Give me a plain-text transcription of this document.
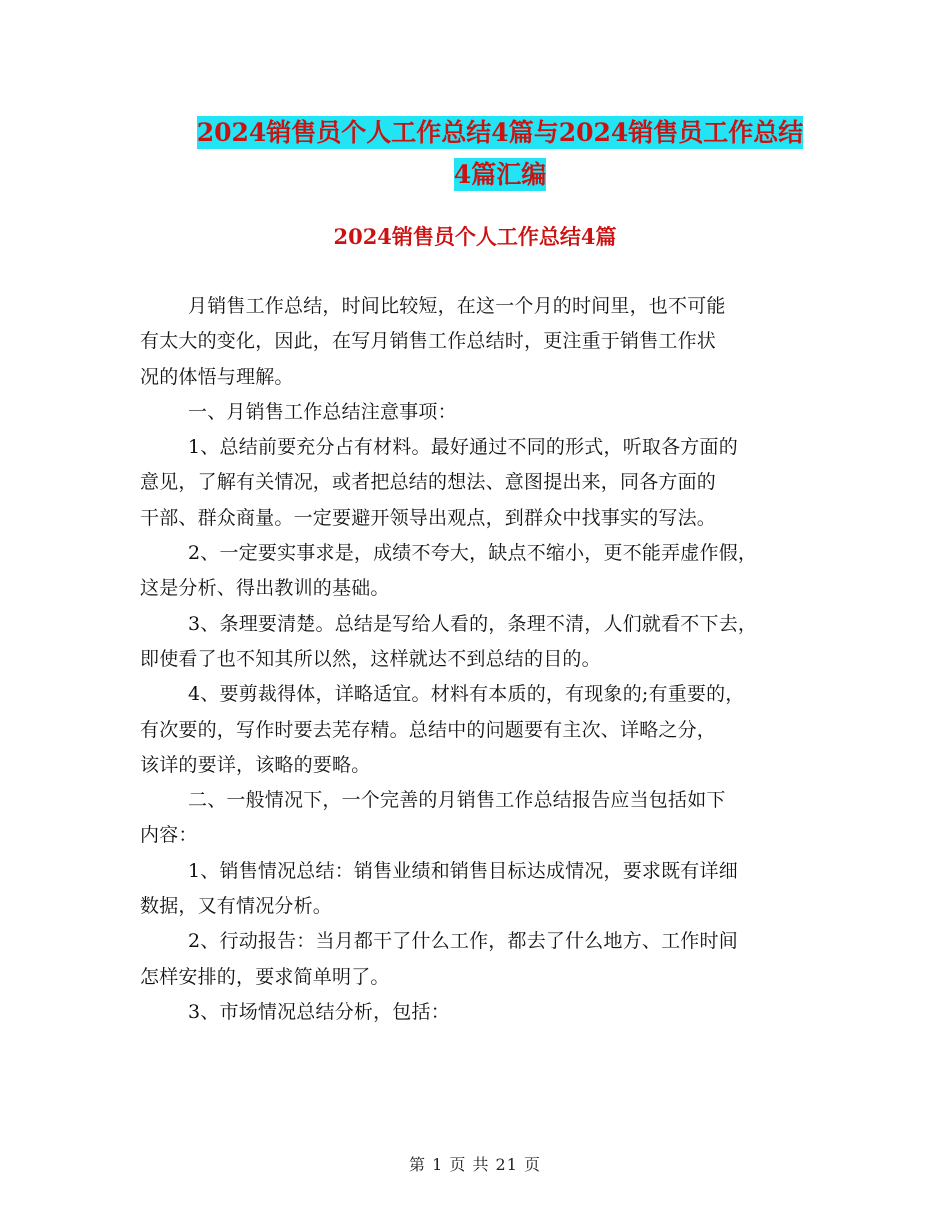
2024销售员个人工作总结4篇与2024销售员工作总结
4篇汇编
2024销售员个人工作总结4篇
月销售工作总结，时间比较短，在这一个月的时间里，也不可能
有太大的变化，因此，在写月销售工作总结时，更注重于销售工作状
况的体悟与理解。
一、月销售工作总结注意事项：
1、总结前要充分占有材料。最好通过不同的形式，听取各方面的
意见，了解有关情况，或者把总结的想法、意图提出来，同各方面的
干部、群众商量。一定要避开领导出观点，到群众中找事实的写法。
2、一定要实事求是，成绩不夸大，缺点不缩小，更不能弄虚作假，
这是分析、得出教训的基础。
3、条理要清楚。总结是写给人看的，条理不清，人们就看不下去，
即使看了也不知其所以然，这样就达不到总结的目的。
4、要剪裁得体，详略适宜。材料有本质的，有现象的;有重要的，
有次要的，写作时要去芜存精。总结中的问题要有主次、详略之分，
该详的要详，该略的要略。
二、一般情况下，一个完善的月销售工作总结报告应当包括如下
内容：
1、销售情况总结：销售业绩和销售目标达成情况，要求既有详细
数据，又有情况分析。
2、行动报告：当月都干了什么工作，都去了什么地方、工作时间
怎样安排的，要求简单明了。
3、市场情况总结分析，包括：
第 1 页 共 21 页
